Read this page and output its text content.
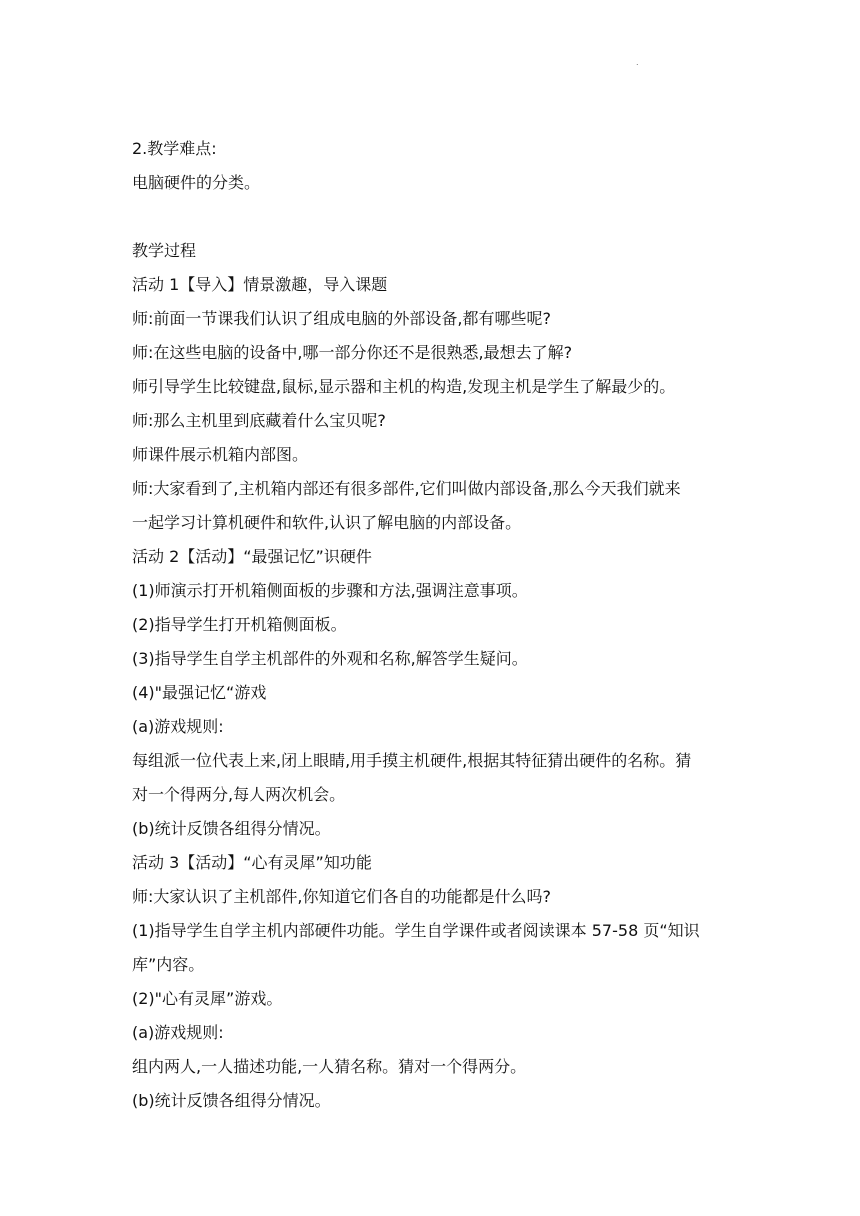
.
2.教学难点:
电脑硬件的分类。
教学过程
活动 1【导入】情景激趣，导入课题
师:前面一节课我们认识了组成电脑的外部设备,都有哪些呢?
师:在这些电脑的设备中,哪一部分你还不是很熟悉,最想去了解?
师引导学生比较键盘,鼠标,显示器和主机的构造,发现主机是学生了解最少的。
师:那么主机里到底藏着什么宝贝呢?
师课件展示机箱内部图。
师:大家看到了,主机箱内部还有很多部件,它们叫做内部设备,那么今天我们就来
一起学习计算机硬件和软件,认识了解电脑的内部设备。
活动 2【活动】“最强记忆”识硬件
(1)师演示打开机箱侧面板的步骤和方法,强调注意事项。
(2)指导学生打开机箱侧面板。
(3)指导学生自学主机部件的外观和名称,解答学生疑问。
(4)"最强记忆“游戏
(a)游戏规则:
每组派一位代表上来,闭上眼睛,用手摸主机硬件,根据其特征猜出硬件的名称。猜
对一个得两分,每人两次机会。
(b)统计反馈各组得分情况。
活动 3【活动】“心有灵犀”知功能
师:大家认识了主机部件,你知道它们各自的功能都是什么吗?
(1)指导学生自学主机内部硬件功能。学生自学课件或者阅读课本 57-58 页“知识
库”内容。
(2)"心有灵犀”游戏。
(a)游戏规则:
组内两人,一人描述功能,一人猜名称。猜对一个得两分。
(b)统计反馈各组得分情况。
